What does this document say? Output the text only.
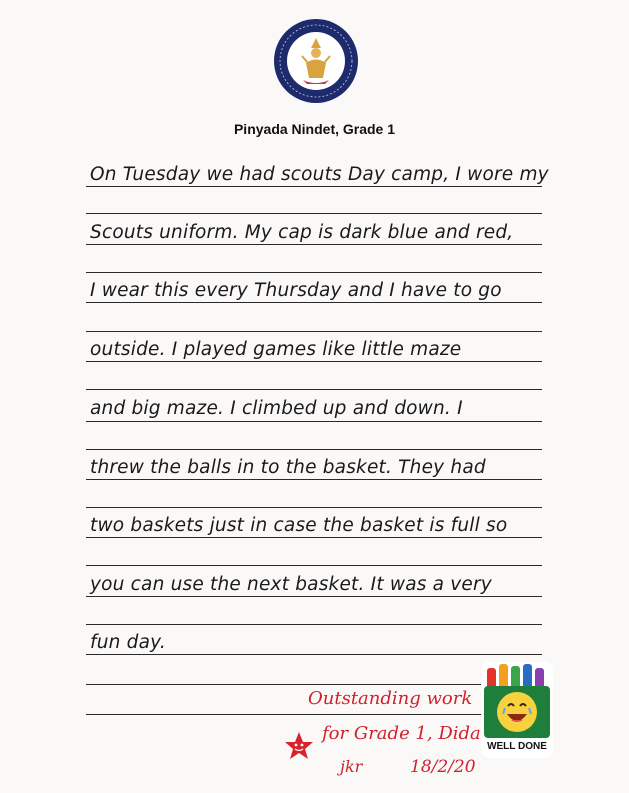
Pinyada Nindet, Grade 1
On Tuesday we had scouts Day camp, I wore my
Scouts uniform. My cap is dark blue and red,
I wear this every Thursday and I have to go
outside. I played games like little maze
and big maze. I climbed up and down. I
threw the balls in to the basket. They had
two baskets just in case the basket is full so
you can use the next basket. It was a very
fun day.
Outstanding work
for Grade 1, Dida
jkr	18/2/20
WELL DONE
